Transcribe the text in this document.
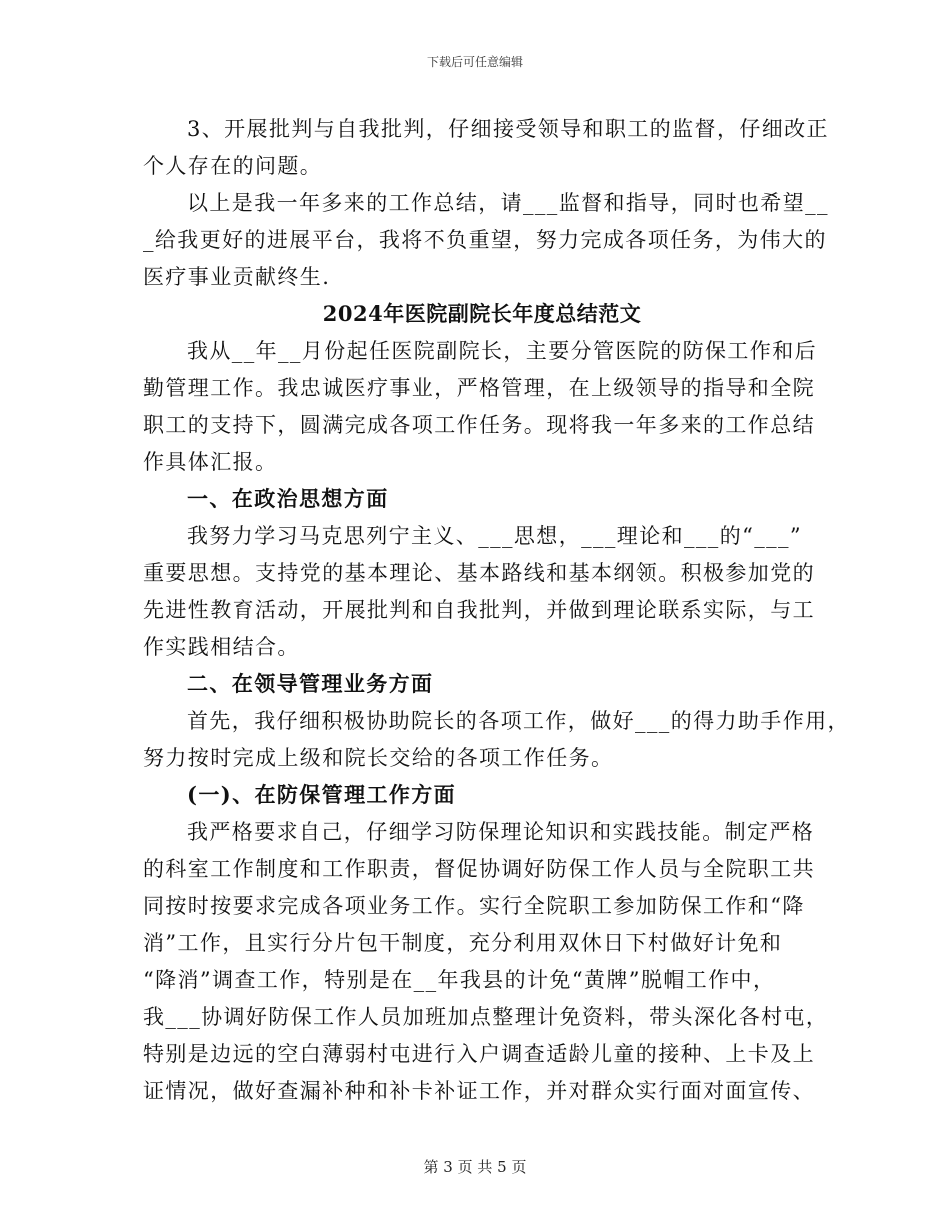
下载后可任意编辑

3、开展批判与自我批判，仔细接受领导和职工的监督，仔细改正

个人存在的问题。

以上是我一年多来的工作总结，请___监督和指导，同时也希望__

_给我更好的进展平台，我将不负重望，努力完成各项任务，为伟大的

医疗事业贡献终生.

2024年医院副院长年度总结范文

我从__年__月份起任医院副院长，主要分管医院的防保工作和后

勤管理工作。我忠诚医疗事业，严格管理，在上级领导的指导和全院

职工的支持下，圆满完成各项工作任务。现将我一年多来的工作总结

作具体汇报。

一、在政治思想方面

我努力学习马克思列宁主义、___思想，___理论和___的“___”

重要思想。支持党的基本理论、基本路线和基本纲领。积极参加党的

先进性教育活动，开展批判和自我批判，并做到理论联系实际，与工

作实践相结合。

二、在领导管理业务方面

首先，我仔细积极协助院长的各项工作，做好___的得力助手作用，

努力按时完成上级和院长交给的各项工作任务。

(一)、在防保管理工作方面

我严格要求自己，仔细学习防保理论知识和实践技能。制定严格

的科室工作制度和工作职责，督促协调好防保工作人员与全院职工共

同按时按要求完成各项业务工作。实行全院职工参加防保工作和“降

消”工作，且实行分片包干制度，充分利用双休日下村做好计免和

“降消”调查工作，特别是在__年我县的计免“黄牌”脱帽工作中，

我___协调好防保工作人员加班加点整理计免资料，带头深化各村屯，

特别是边远的空白薄弱村屯进行入户调查适龄儿童的接种、上卡及上

证情况，做好查漏补种和补卡补证工作，并对群众实行面对面宣传、

第 3 页 共 5 页
